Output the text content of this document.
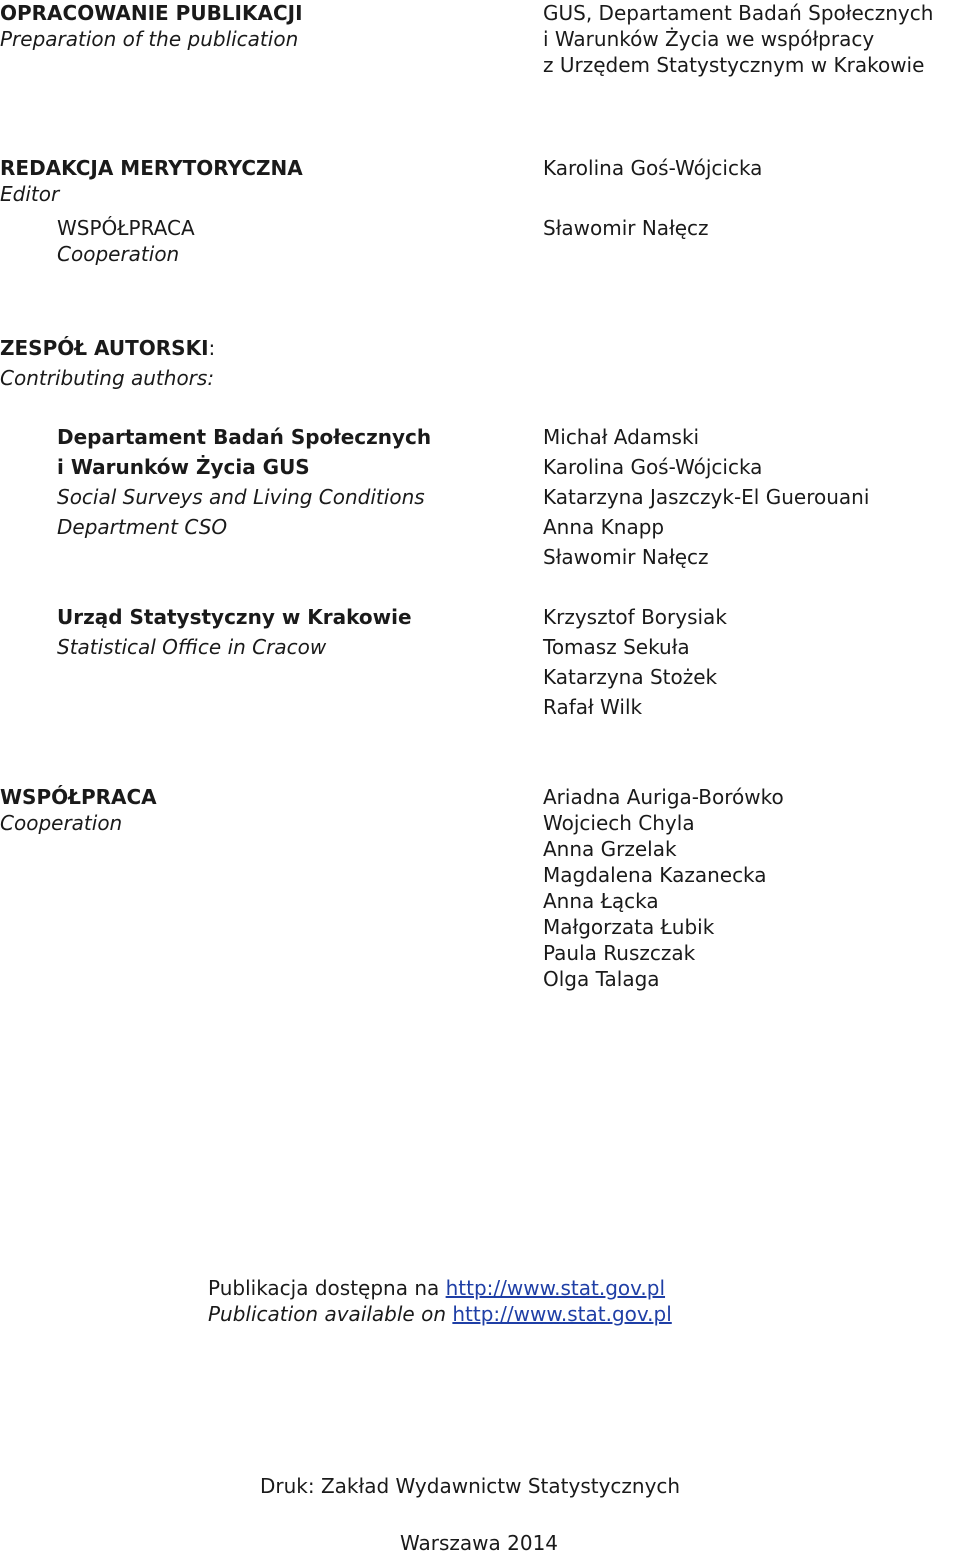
OPRACOWANIE PUBLIKACJI

Preparation of the publication

GUS, Departament Badań Społecznych

i Warunków Życia we współpracy

z Urzędem Statystycznym w Krakowie

REDAKCJA MERYTORYCZNA

Editor

Karolina Goś-Wójcicka

WSPÓŁPRACA

Cooperation

Sławomir Nałęcz

ZESPÓŁ AUTORSKI:

Contributing authors:

Departament Badań Społecznych

i Warunków Życia GUS

Social Surveys and Living Conditions

Department CSO

Michał Adamski

Karolina Goś-Wójcicka

Katarzyna Jaszczyk-El Guerouani

Anna Knapp

Sławomir Nałęcz

Urząd Statystyczny w Krakowie

Statistical Office in Cracow

Krzysztof Borysiak

Tomasz Sekuła

Katarzyna Stożek

Rafał Wilk

WSPÓŁPRACA

Cooperation

Ariadna Auriga-Borówko

Wojciech Chyla

Anna Grzelak

Magdalena Kazanecka

Anna Łącka

Małgorzata Łubik

Paula Ruszczak

Olga Talaga

Publikacja dostępna na http://www.stat.gov.pl

Publication available on http://www.stat.gov.pl

Druk: Zakład Wydawnictw Statystycznych

Warszawa 2014
